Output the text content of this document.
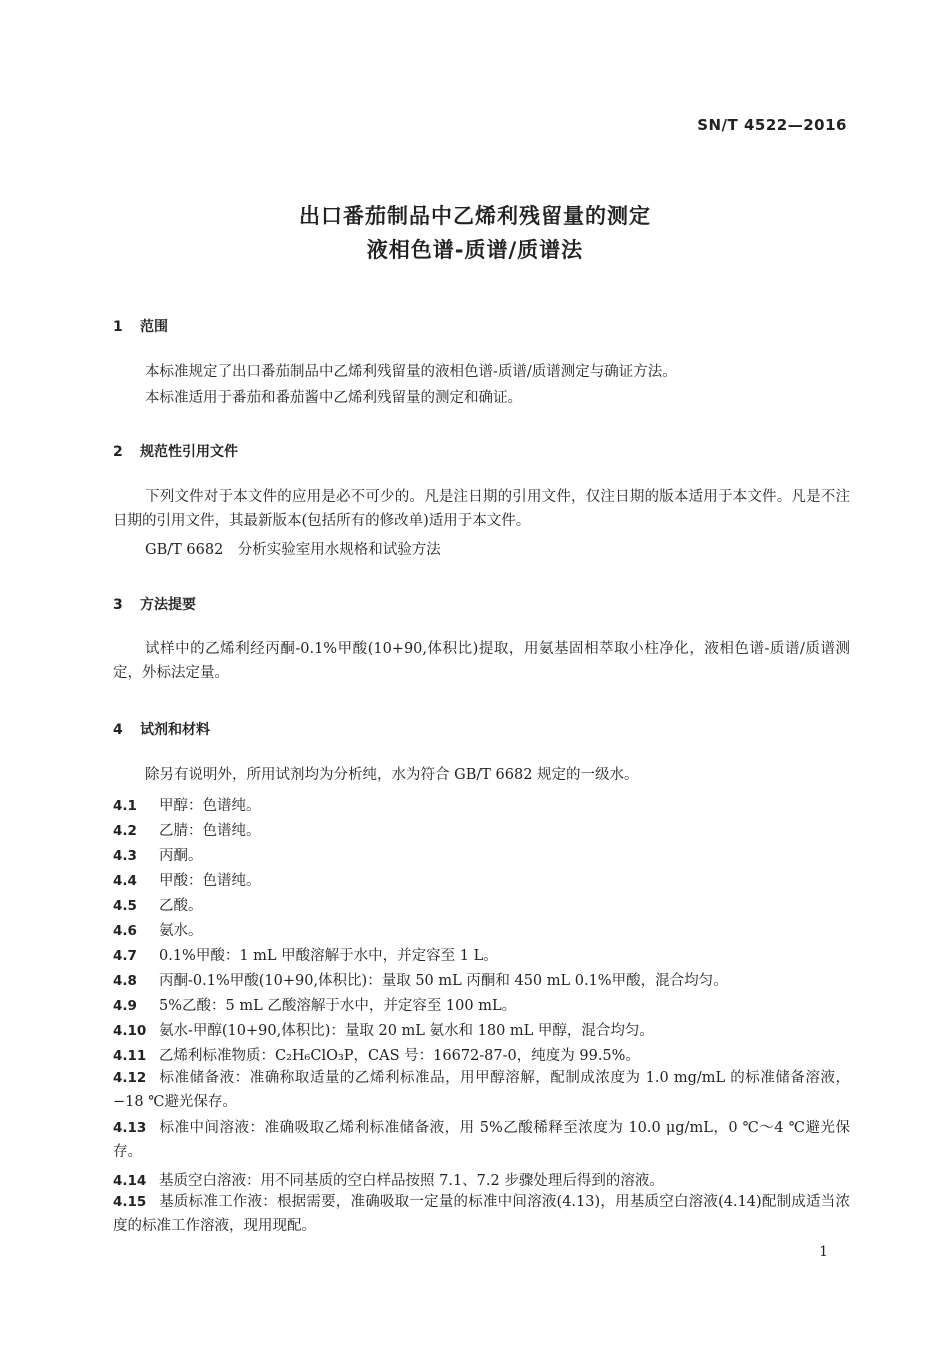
SN/T 4522—2016
出口番茄制品中乙烯利残留量的测定
液相色谱-质谱/质谱法
1 范围
本标准规定了出口番茄制品中乙烯利残留量的液相色谱-质谱/质谱测定与确证方法。
本标准适用于番茄和番茄酱中乙烯利残留量的测定和确证。
2 规范性引用文件
下列文件对于本文件的应用是必不可少的。凡是注日期的引用文件，仅注日期的版本适用于本文件。凡是不注日期的引用文件，其最新版本(包括所有的修改单)适用于本文件。
GB/T 6682　分析实验室用水规格和试验方法
3 方法提要
试样中的乙烯利经丙酮-0.1%甲酸(10+90,体积比)提取，用氨基固相萃取小柱净化，液相色谱-质谱/质谱测定，外标法定量。
4 试剂和材料
除另有说明外，所用试剂均为分析纯，水为符合 GB/T 6682 规定的一级水。
4.1 甲醇：色谱纯。
4.2 乙腈：色谱纯。
4.3 丙酮。
4.4 甲酸：色谱纯。
4.5 乙酸。
4.6 氨水。
4.7 0.1%甲酸：1 mL 甲酸溶解于水中，并定容至 1 L。
4.8 丙酮-0.1%甲酸(10+90,体积比)：量取 50 mL 丙酮和 450 mL 0.1%甲酸，混合均匀。
4.9 5%乙酸：5 mL 乙酸溶解于水中，并定容至 100 mL。
4.10 氨水-甲醇(10+90,体积比)：量取 20 mL 氨水和 180 mL 甲醇，混合均匀。
4.11 乙烯利标准物质：C₂H₆ClO₃P，CAS 号：16672-87-0，纯度为 99.5%。
4.12 标准储备液：准确称取适量的乙烯利标准品，用甲醇溶解，配制成浓度为 1.0 mg/mL 的标准储备溶液，−18 ℃避光保存。
4.13 标准中间溶液：准确吸取乙烯利标准储备液，用 5%乙酸稀释至浓度为 10.0 μg/mL，0 ℃～4 ℃避光保存。
4.14 基质空白溶液：用不同基质的空白样品按照 7.1、7.2 步骤处理后得到的溶液。
4.15 基质标准工作液：根据需要，准确吸取一定量的标准中间溶液(4.13)，用基质空白溶液(4.14)配制成适当浓度的标准工作溶液，现用现配。
1
